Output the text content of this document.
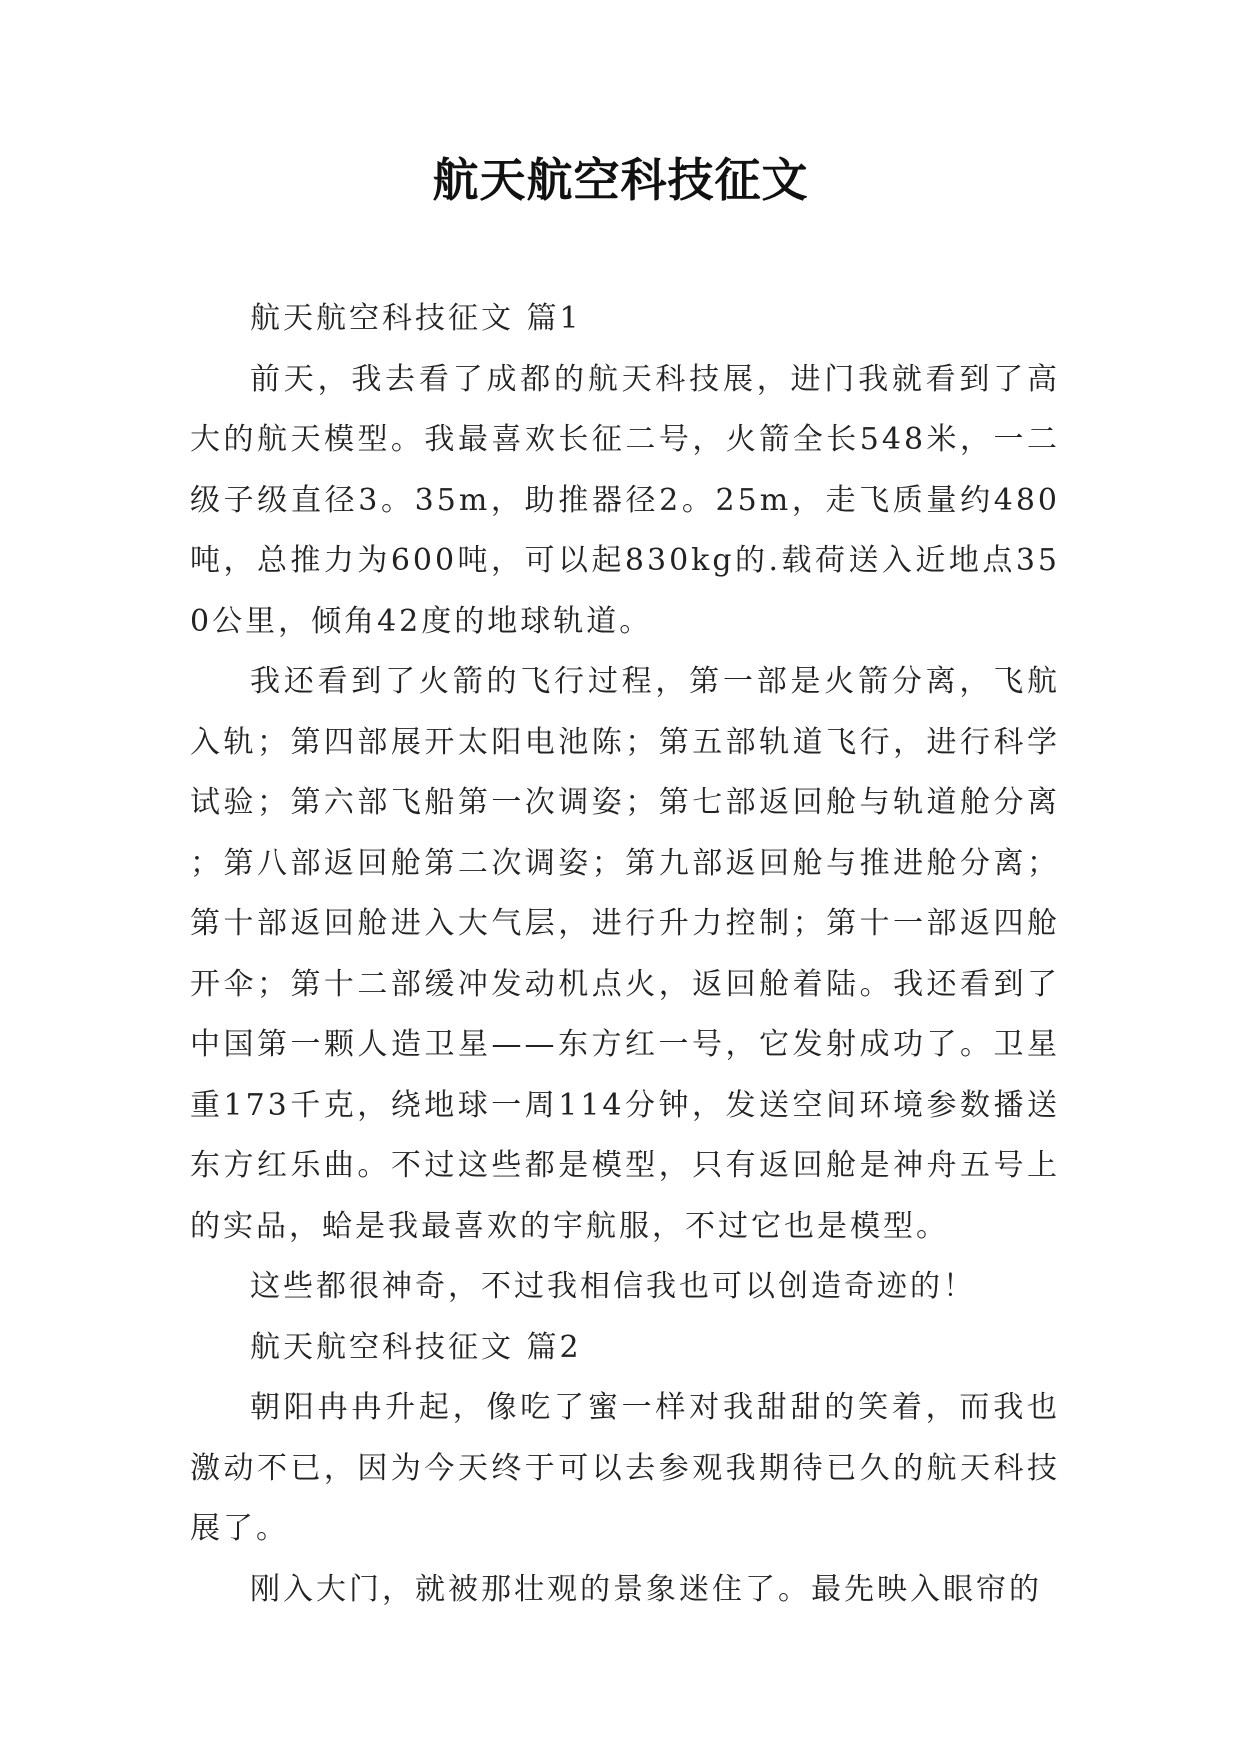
航天航空科技征文

航天航空科技征文 篇1

前天，我去看了成都的航天科技展，进门我就看到了高大的航天模型。我最喜欢长征二号，火箭全长548米，一二级子级直径3。35m，助推器径2。25m，走飞质量约480吨，总推力为600吨，可以起830kg的.载荷送入近地点350公里，倾角42度的地球轨道。

我还看到了火箭的飞行过程，第一部是火箭分离，飞航入轨；第四部展开太阳电池陈；第五部轨道飞行，进行科学试验；第六部飞船第一次调姿；第七部返回舱与轨道舱分离；第八部返回舱第二次调姿；第九部返回舱与推进舱分离；第十部返回舱进入大气层，进行升力控制；第十一部返四舱开伞；第十二部缓冲发动机点火，返回舱着陆。我还看到了中国第一颗人造卫星——东方红一号，它发射成功了。卫星重173千克，绕地球一周114分钟，发送空间环境参数播送东方红乐曲。不过这些都是模型，只有返回舱是神舟五号上的实品，蛤是我最喜欢的宇航服，不过它也是模型。

这些都很神奇，不过我相信我也可以创造奇迹的！

航天航空科技征文 篇2

朝阳冉冉升起，像吃了蜜一样对我甜甜的笑着，而我也激动不已，因为今天终于可以去参观我期待已久的航天科技展了。

刚入大门，就被那壮观的景象迷住了。最先映入眼帘的
